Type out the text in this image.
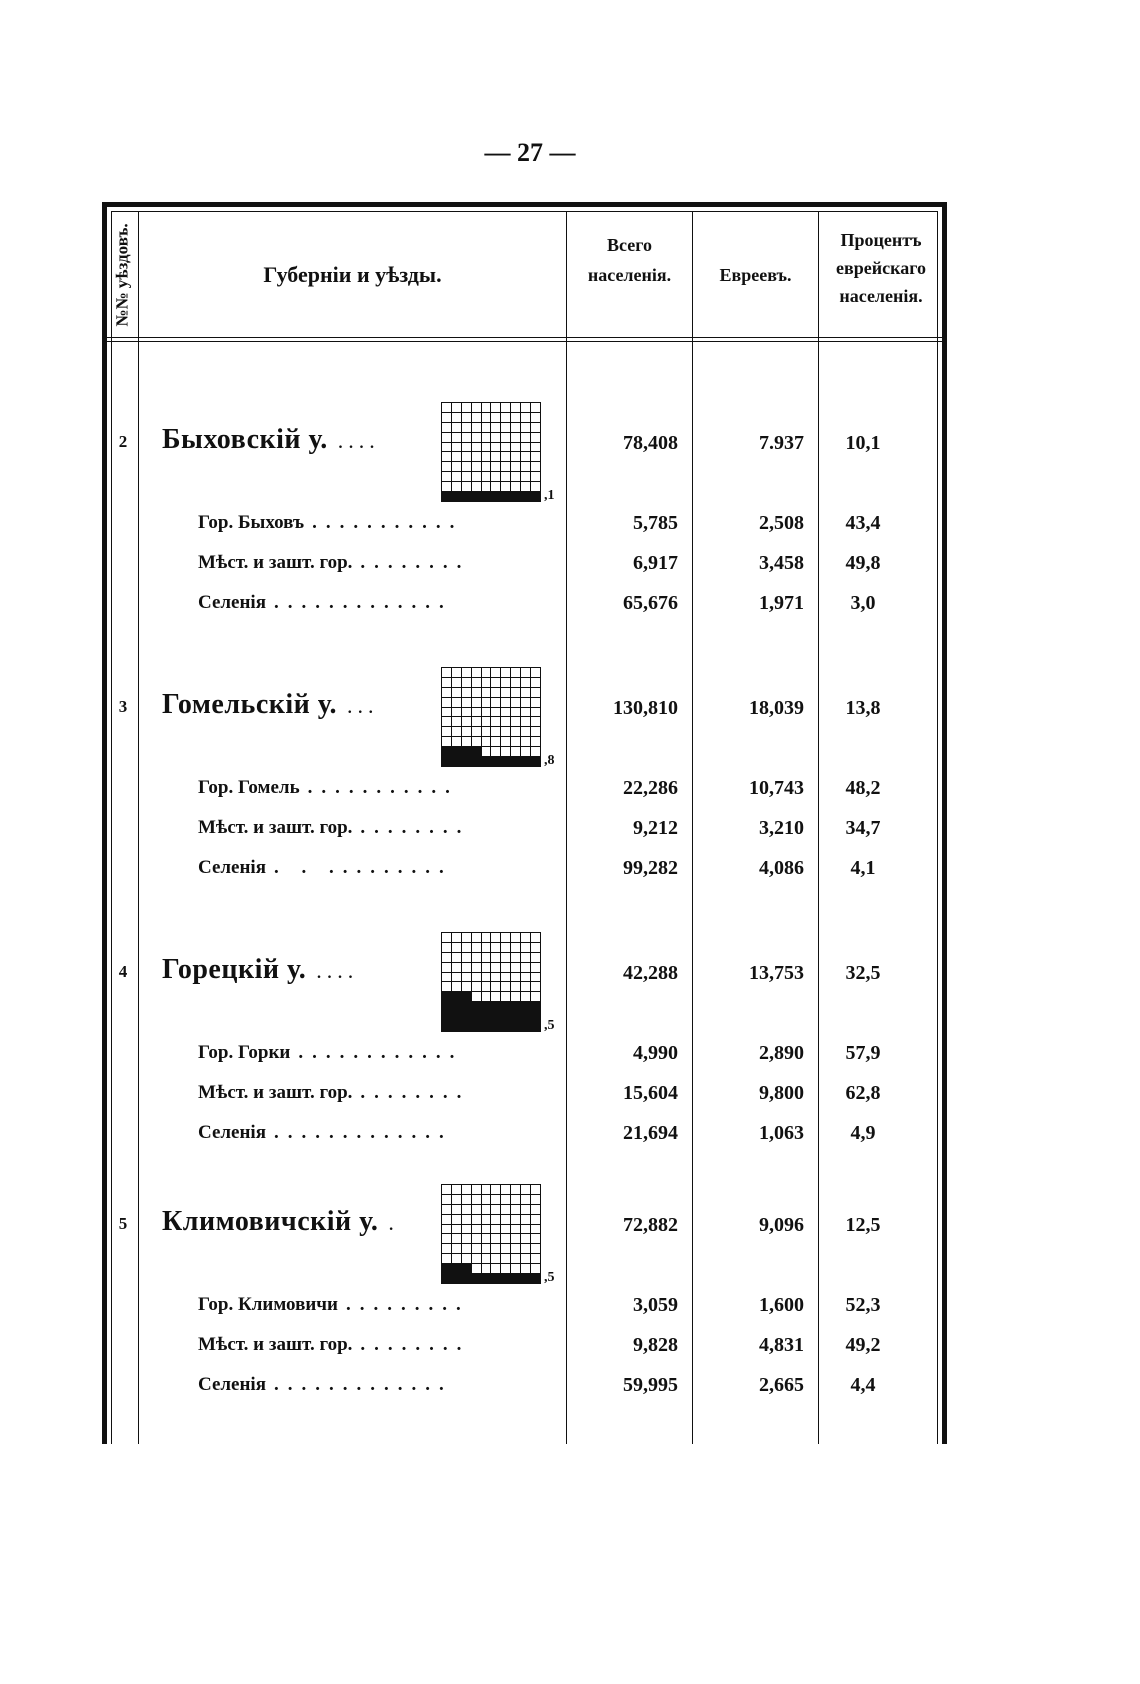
— 27 —
№№ уѣздовъ.	Губерніи и уѣзды.
Всего
населенія.	Евреевъ.
Процентъ
еврейскаго
населенія.
2	Быховскій у. ....	78,408	7.937	10,1
,1
Гор. Быховъ ...........	5,785	2,508	43,4
Мѣст. и зашт. гор. ........	6,917	3,458	49,8
Селенія .............	65,676	1,971	3,0
3	Гомельскій у. ...	130,810	18,039	13,8
,8
Гор. Гомель ...........	22,286	10,743	48,2
Мѣст. и зашт. гор. ........	9,212	3,210	34,7
Селенія . . .........	99,282	4,086	4,1
4	Горецкій у. ....	42,288	13,753	32,5
,5
Гор. Горки ............	4,990	2,890	57,9
Мѣст. и зашт. гор. ........	15,604	9,800	62,8
Селенія .............	21,694	1,063	4,9
5	Климовичскій у. .	72,882	9,096	12,5
,5
Гор. Климовичи .........	3,059	1,600	52,3
Мѣст. и зашт. гор. ........	9,828	4,831	49,2
Селенія .............	59,995	2,665	4,4
